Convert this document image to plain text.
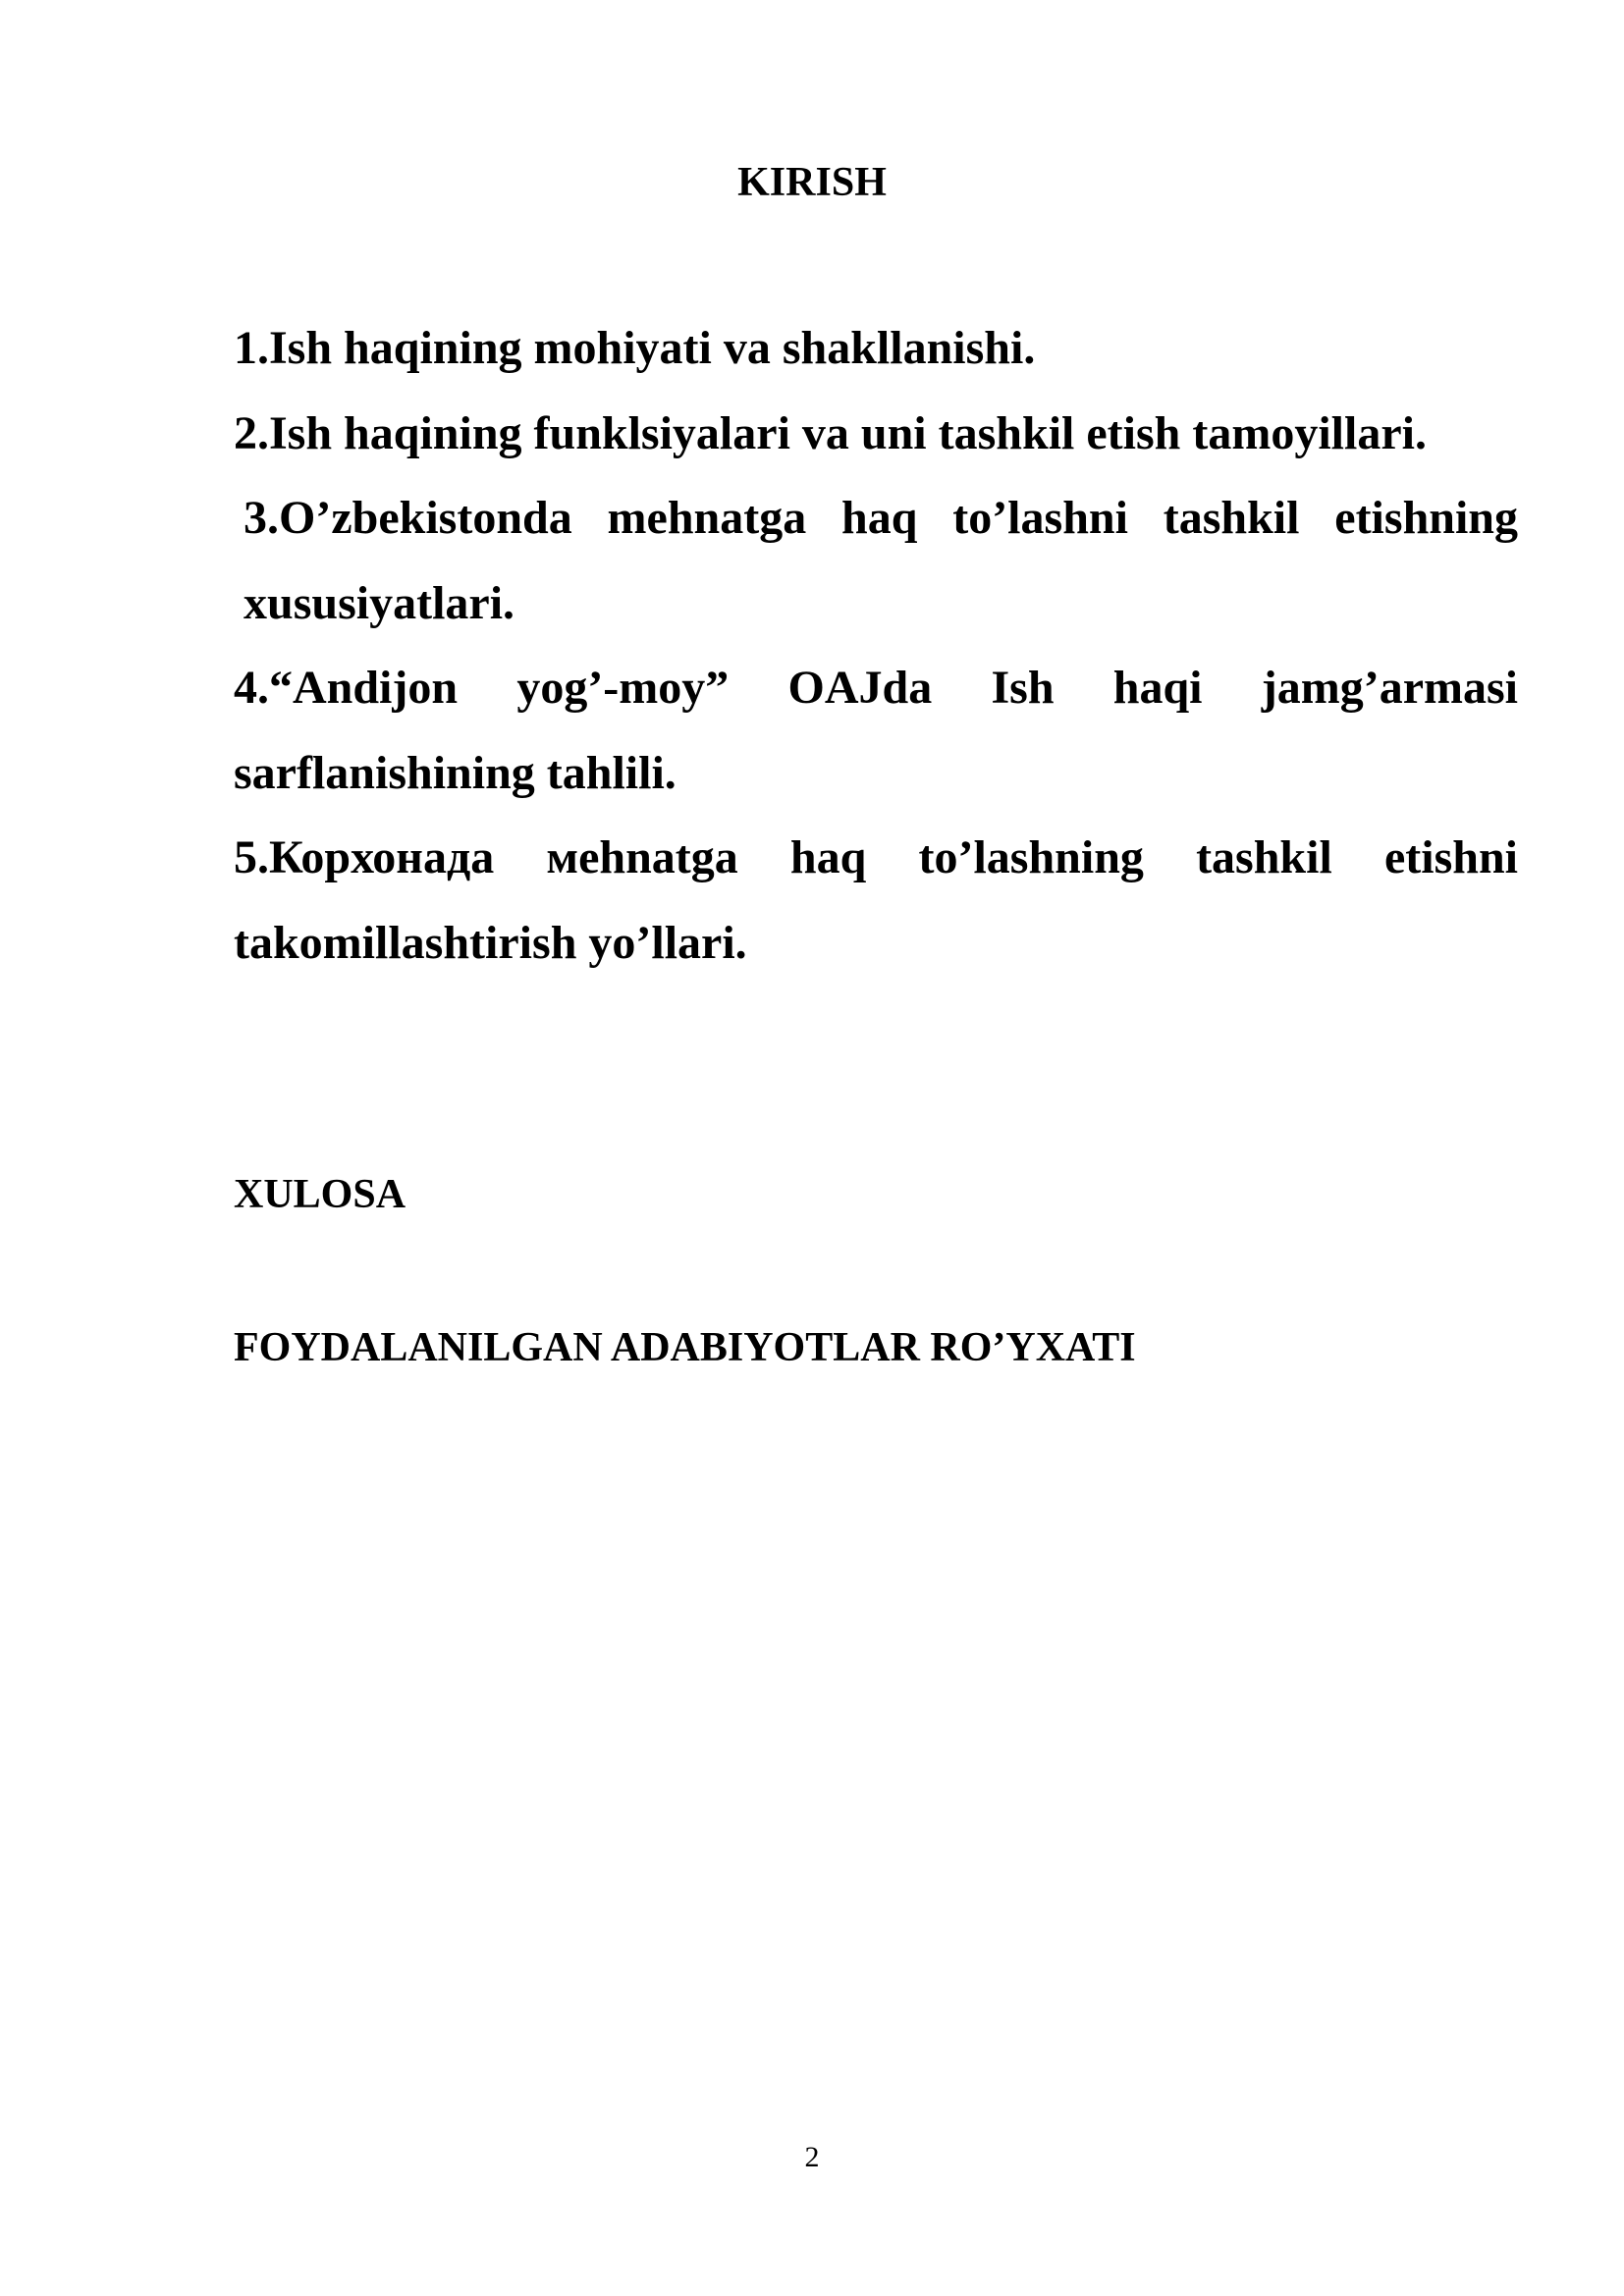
KIRISH

1.Ish haqining mohiyati va shakllanishi.

2.Ish haqining funklsiyalari va uni tashkil etish tamoyillari.

3.O’zbekistonda mehnatga haq to’lashni tashkil etishning xususiyatlari.

4.“Andijon yog’-moy” OAJda Ish haqi jamg’armasi sarflanishining tahlili.

5.Корхонада мehnatga haq to’lashning tashkil etishni takomillashtirish yo’llari.

XULOSA
FOYDALANILGAN ADABIYOTLAR RO’YXATI
2
